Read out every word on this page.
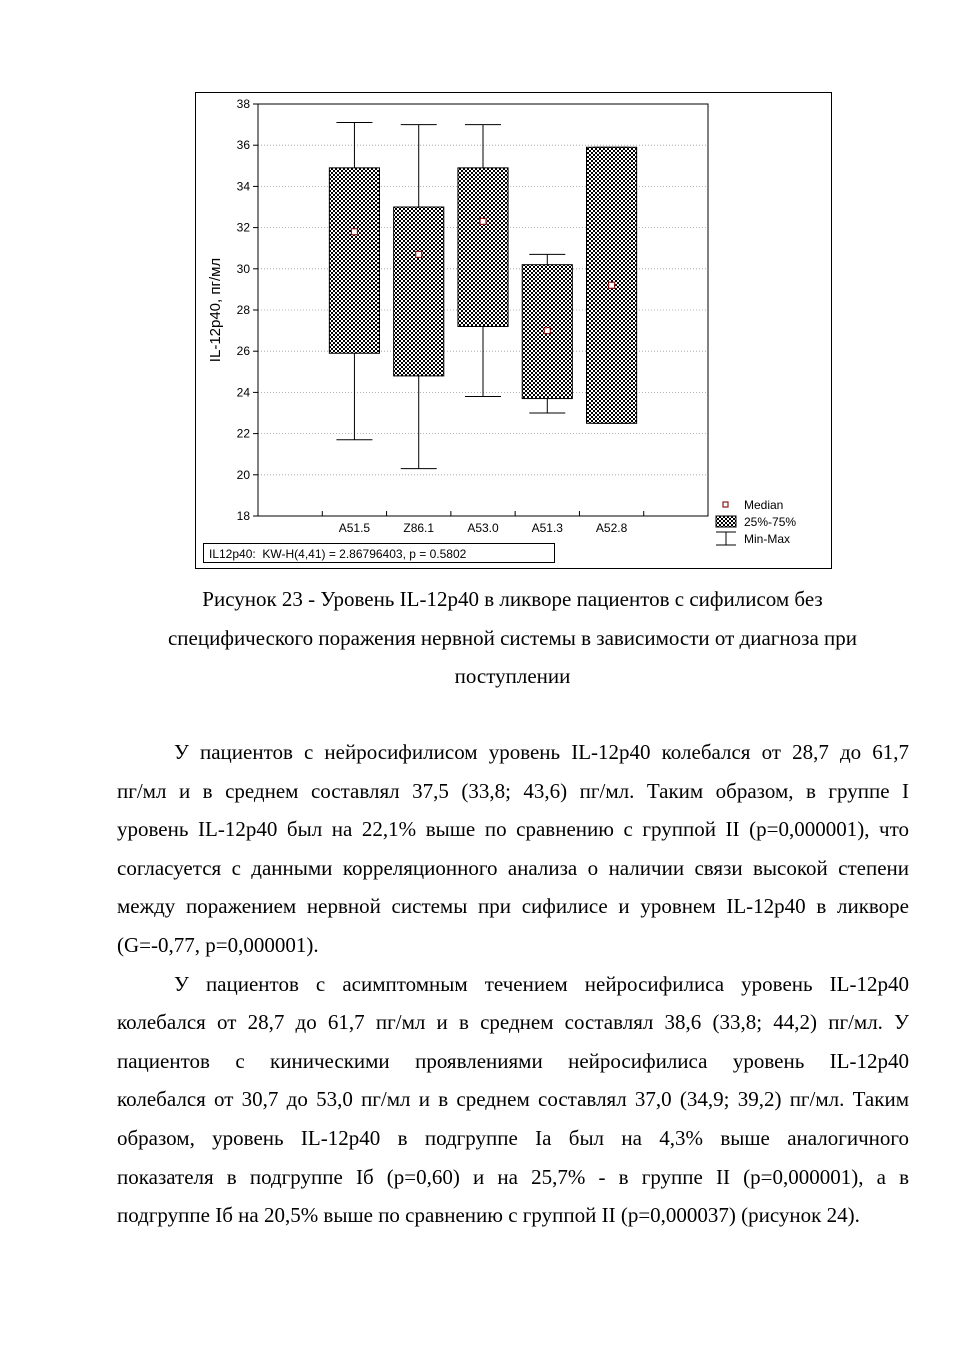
18
20
22
24
26
28
30
32
34
36
38
A51.5	Z86.1	A53.0	A51.3	A52.8
IL-12p40, пг/мл
Median
25%-75%
Min-Max
IL12p40:  KW-H(4,41) = 2.86796403, p = 0.5802
Рисунок 23 - Уровень IL-12p40 в ликворе пациентов с сифилисом без
специфического поражения нервной системы в зависимости от диагноза при
поступлении

У пациентов с нейросифилисом уровень IL-12p40 колебался от 28,7 до 61,7
пг/мл и в среднем составлял 37,5 (33,8; 43,6) пг/мл. Таким образом, в группе I
уровень IL-12p40 был на 22,1% выше по сравнению с группой II (p=0,000001), что
согласуется с данными корреляционного анализа о наличии связи высокой степени
между поражением нервной системы при сифилисе и уровнем IL-12p40 в ликворе
(G=-0,77, p=0,000001).

У пациентов с асимптомным течением нейросифилиса уровень IL-12p40
колебался от 28,7 до 61,7 пг/мл и в среднем составлял 38,6 (33,8; 44,2) пг/мл. У
пациентов с киническими проявлениями нейросифилиса уровень IL-12p40
колебался от 30,7 до 53,0 пг/мл и в среднем составлял 37,0 (34,9; 39,2) пг/мл. Таким
образом, уровень IL-12p40 в подгруппе Ia был на 4,3% выше аналогичного
показателя в подгруппе Iб (p=0,60) и на 25,7% - в группе II (p=0,000001), а в
подгруппе Iб на 20,5% выше по сравнению с группой II (p=0,000037) (рисунок 24).
